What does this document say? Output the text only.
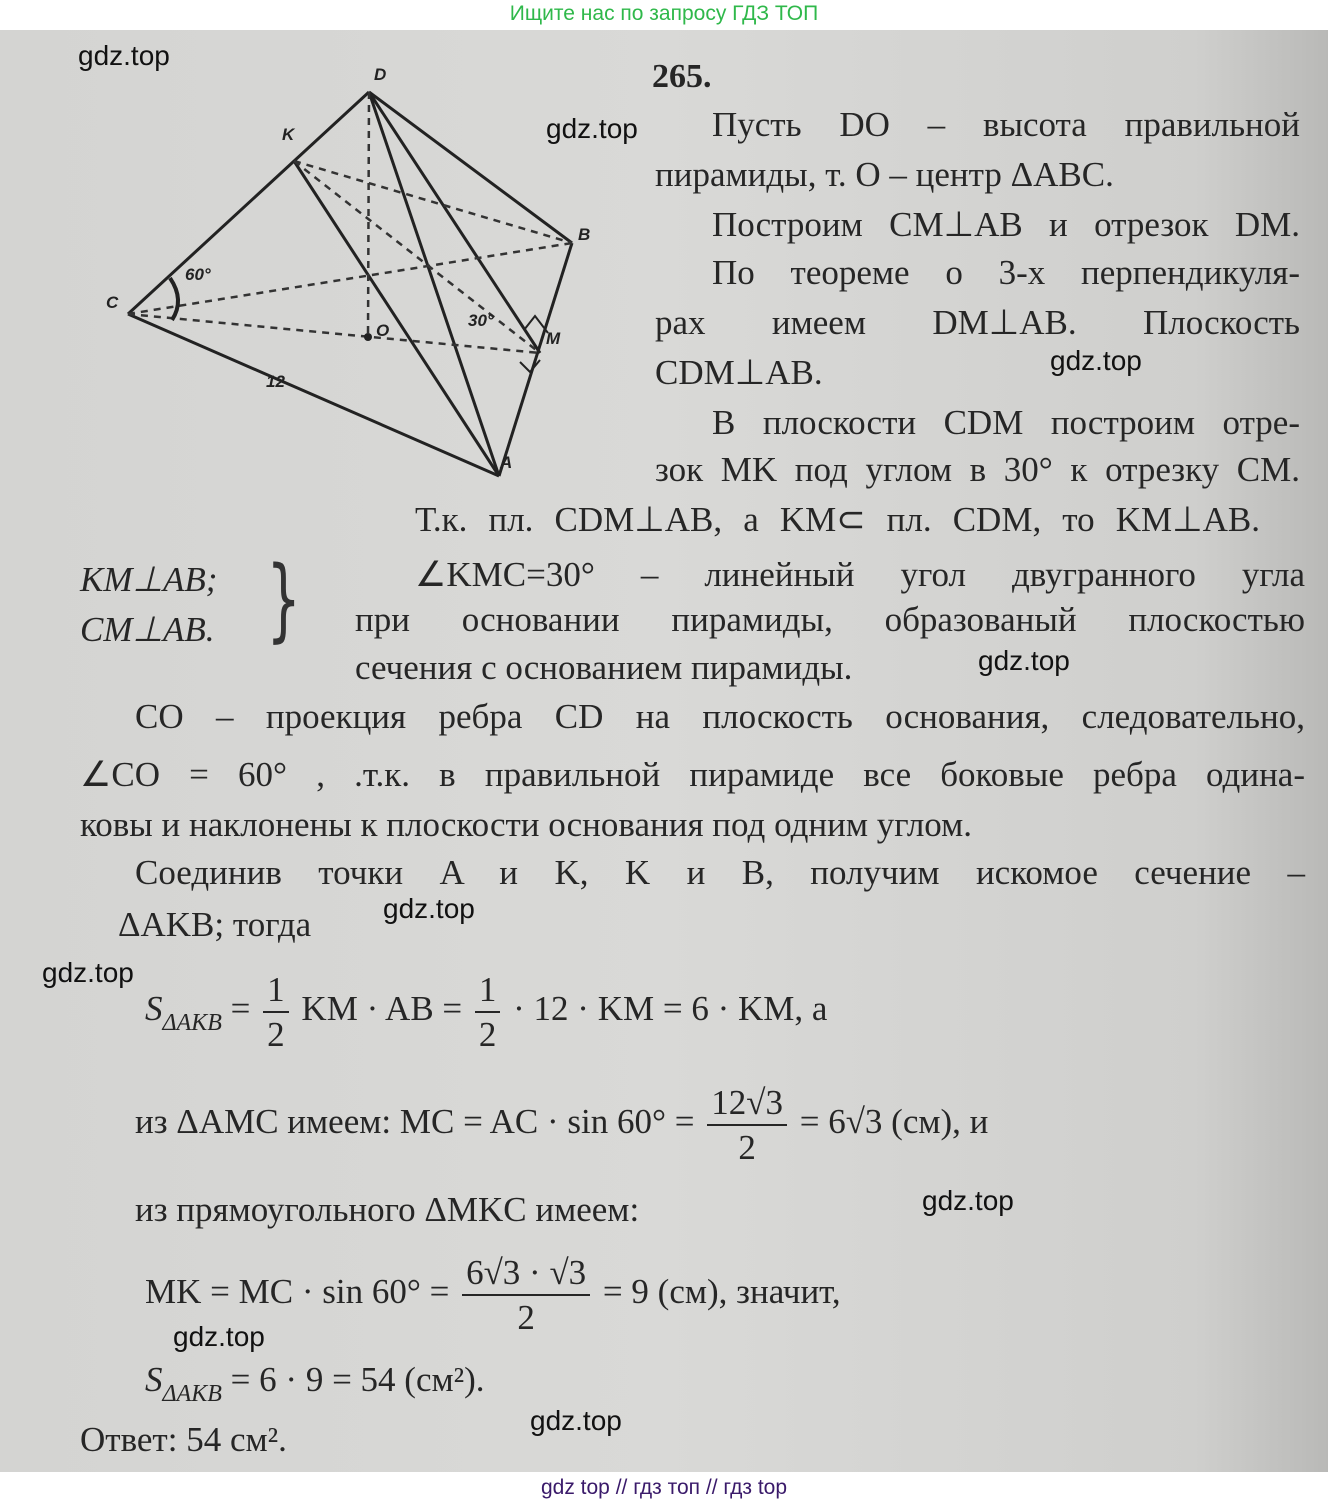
Ищите нас по запросу ГДЗ ТОП
D
K
B
C
O	M
A
60°
30°
12
265.
Пусть DO – высота правильной
пирамиды, т. O – центр ΔABC.
Построим CM⊥AB и отрезок DM.
По теореме о 3-х перпендикуля-
рах имеем DM⊥AB. Плоскость
CDM⊥AB.
В плоскости CDM построим отре-
зок MK под углом в 30° к отрезку CM.
Т.к. пл. CDM⊥AB, а KM⊂ пл. CDM, то KM⊥AB.
KM⊥AB;
CM⊥AB. }	∠KMC=30° – линейный угол двугранного угла
при основании пирамиды, образованый плоскостью
сечения с основанием пирамиды.
CO – проекция ребра CD на плоскость основания, следовательно,
∠CO = 60° , .т.к. в правильной пирамиде все боковые ребра одина-
ковы и наклонены к плоскости основания под одним углом.
Соединив точки A и K, K и B, получим искомое сечение –
ΔAKB; тогда
$S_{\Delta AKB} = \frac{1}{2}$ KM · AB = $\frac{1}{2} \cdot 12$ · KM = 6 · KM, а
из ΔAMC имеем: MC = AC · $\sin 60^\circ = \frac{12√3}{2} = 6√3$ (см), и
из прямоугольного ΔMKC имеем:
MK = MC · $\sin 60^\circ = \frac{6√3 \cdot √3}{2} = 9$ (см), значит,
$S_{\Delta AKB} = 6 \cdot 9 = 54$ (см²).
Ответ: 54 см².
gdz.top
gdz.top
gdz.top
gdz.top
gdz.top
gdz.top
gdz.top
gdz.top
gdz.top
gdz top // гдз топ // гдз top
